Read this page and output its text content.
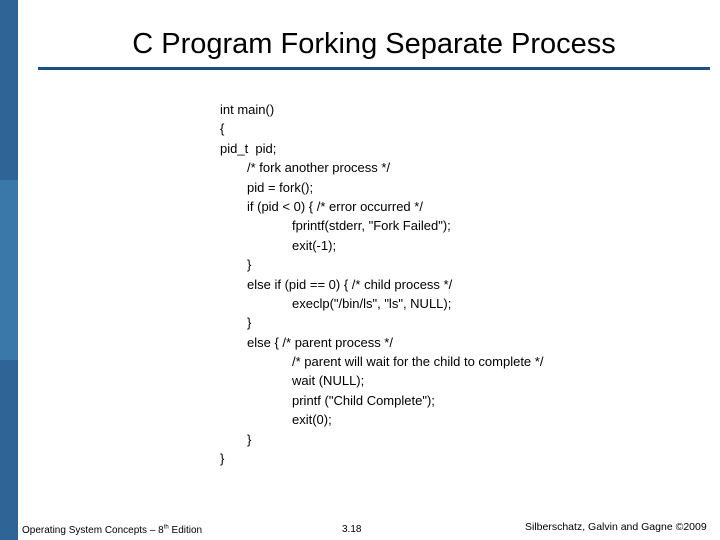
C Program Forking Separate Process
int main()
{
pid_t  pid;
/* fork another process */
pid = fork();
if (pid < 0) { /* error occurred */
fprintf(stderr, "Fork Failed");
exit(-1);
}
else if (pid == 0) { /* child process */
execlp("/bin/ls", "ls", NULL);
}
else { /* parent process */
/* parent will wait for the child to complete */
wait (NULL);
printf ("Child Complete");
exit(0);
}
}
Operating System Concepts – 8th Edition	3.18	Silberschatz, Galvin and Gagne ©2009
